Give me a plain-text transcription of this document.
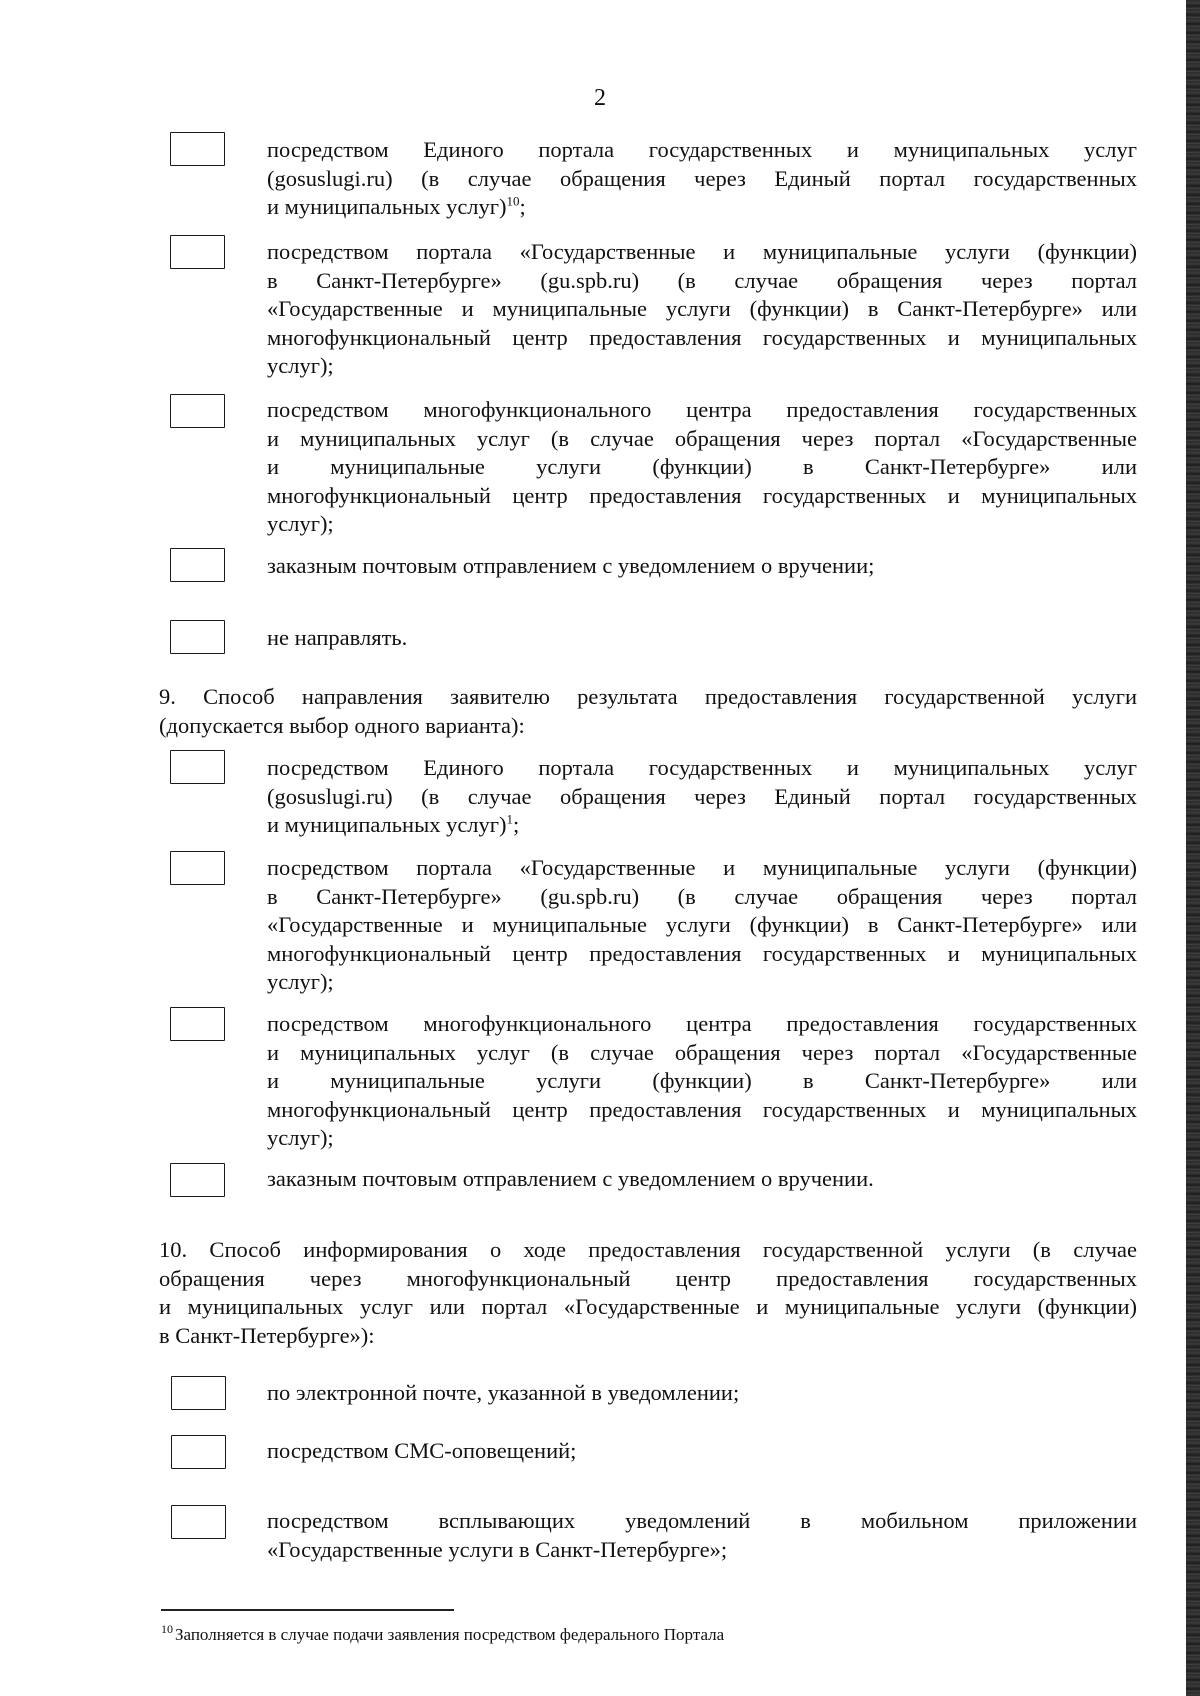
2
посредством Единого портала государственных и муниципальных услуг
(gosuslugi.ru) (в случае обращения через Единый портал государственных
и муниципальных услуг)$^{10}$;
посредством портала «Государственные и муниципальные услуги (функции)
в Санкт-Петербурге» (gu.spb.ru) (в случае обращения через портал
«Государственные и муниципальные услуги (функции) в Санкт-Петербурге» или
многофункциональный центр предоставления государственных и муниципальных
услуг);
посредством многофункционального центра предоставления государственных
и муниципальных услуг (в случае обращения через портал «Государственные
и муниципальные услуги (функции) в Санкт-Петербурге» или
многофункциональный центр предоставления государственных и муниципальных
услуг);
заказным почтовым отправлением с уведомлением о вручении;
не направлять.
9. Способ направления заявителю результата предоставления государственной услуги
(допускается выбор одного варианта):
посредством Единого портала государственных и муниципальных услуг
(gosuslugi.ru) (в случае обращения через Единый портал государственных
и муниципальных услуг)$^1$;
посредством портала «Государственные и муниципальные услуги (функции)
в Санкт-Петербурге» (gu.spb.ru) (в случае обращения через портал
«Государственные и муниципальные услуги (функции) в Санкт-Петербурге» или
многофункциональный центр предоставления государственных и муниципальных
услуг);
посредством многофункционального центра предоставления государственных
и муниципальных услуг (в случае обращения через портал «Государственные
и муниципальные услуги (функции) в Санкт-Петербурге» или
многофункциональный центр предоставления государственных и муниципальных
услуг);
заказным почтовым отправлением с уведомлением о вручении.
10. Способ информирования о ходе предоставления государственной услуги (в случае
обращения через многофункциональный центр предоставления государственных
и муниципальных услуг или портал «Государственные и муниципальные услуги (функции)
в Санкт-Петербурге»):
по электронной почте, указанной в уведомлении;
посредством СМС-оповещений;
посредством всплывающих уведомлений в мобильном приложении
«Государственные услуги в Санкт-Петербурге»;
$^{10}$ Заполняется в случае подачи заявления посредством федерального Портала
